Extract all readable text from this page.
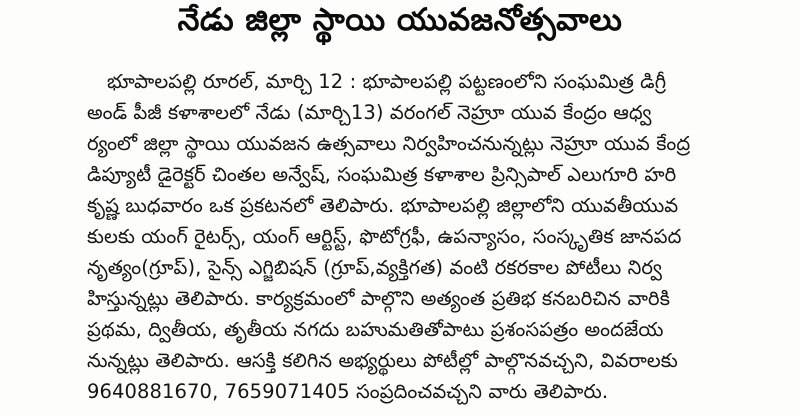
నేడు జిల్లా స్థాయి యువజనోత్సవాలు
భూపాలపల్లి రూరల్, మార్చి 12 : భూపాలపల్లి పట్టణంలోని సంఘమిత్ర డిగ్రీ
అండ్ పీజీ కళాశాలలో నేడు (మార్చి13) వరంగల్ నెహ్రూ యువ కేంద్రం ఆధ్వ
ర్యంలో జిల్లా స్థాయి యువజన ఉత్సవాలు నిర్వహించనున్నట్లు నెహ్రూ యువ కేంద్ర
డిప్యూటీ డైరెక్టర్ చింతల అన్వేష్, సంఘమిత్ర కళాశాల ప్రిన్సిపాల్ ఎలుగూరి హరి
కృష్ణ బుధవారం ఒక ప్రకటనలో తెలిపారు. భూపాలపల్లి జిల్లాలోని యువతీయువ
కులకు యంగ్ రైటర్స్, యంగ్ ఆర్టిస్ట్, ఫొటోగ్రఫీ, ఉపన్యాసం, సంస్కృతిక జానపద
నృత్యం(గ్రూప్), సైన్స్ ఎగ్జిబిషన్ (గ్రూప్,వ్యక్తిగత) వంటి రకరకాల పోటీలు నిర్వ
హిస్తున్నట్లు తెలిపారు. కార్యక్రమంలో పాల్గొని అత్యంత ప్రతిభ కనబరిచిన వారికి
ప్రథమ, ద్వితీయ, తృతీయ నగదు బహుమతితోపాటు ప్రశంసపత్రం అందజేయ
నున్నట్లు తెలిపారు. ఆసక్తి కలిగిన అభ్యర్థులు పోటీల్లో పాల్గొనవచ్చని, వివరాలకు
9640881670, 7659071405 సంప్రదించవచ్చని వారు తెలిపారు.
